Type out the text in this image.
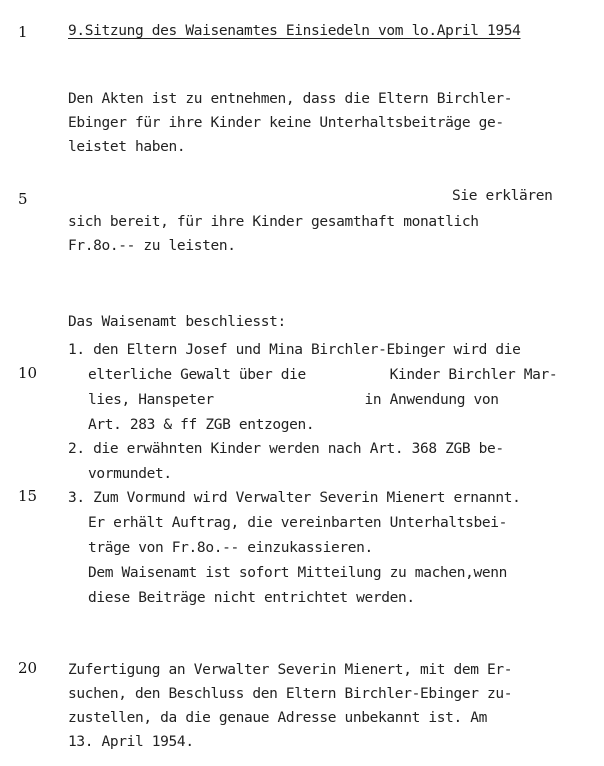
1
5
10
15
20
9.Sitzung des Waisenamtes Einsiedeln vom lo.April 1954
Den Akten ist zu entnehmen, dass die Eltern Birchler-
Ebinger für ihre Kinder keine Unterhaltsbeiträge ge-
leistet haben.
Sie erklären
sich bereit, für ihre Kinder gesamthaft monatlich
Fr.8o.-- zu leisten.
Das Waisenamt beschliesst:
1. den Eltern Josef und Mina Birchler-Ebinger wird die
elterliche Gewalt über die          Kinder Birchler Mar-
lies, Hanspeter                  in Anwendung von
Art. 283 & ff ZGB entzogen.
2. die erwähnten Kinder werden nach Art. 368 ZGB be-
vormundet.
3. Zum Vormund wird Verwalter Severin Mienert ernannt.
Er erhält Auftrag, die vereinbarten Unterhaltsbei-
träge von Fr.8o.-- einzukassieren.
Dem Waisenamt ist sofort Mitteilung zu machen,wenn
diese Beiträge nicht entrichtet werden.
Zufertigung an Verwalter Severin Mienert, mit dem Er-
suchen, den Beschluss den Eltern Birchler-Ebinger zu-
zustellen, da die genaue Adresse unbekannt ist. Am
13. April 1954.
